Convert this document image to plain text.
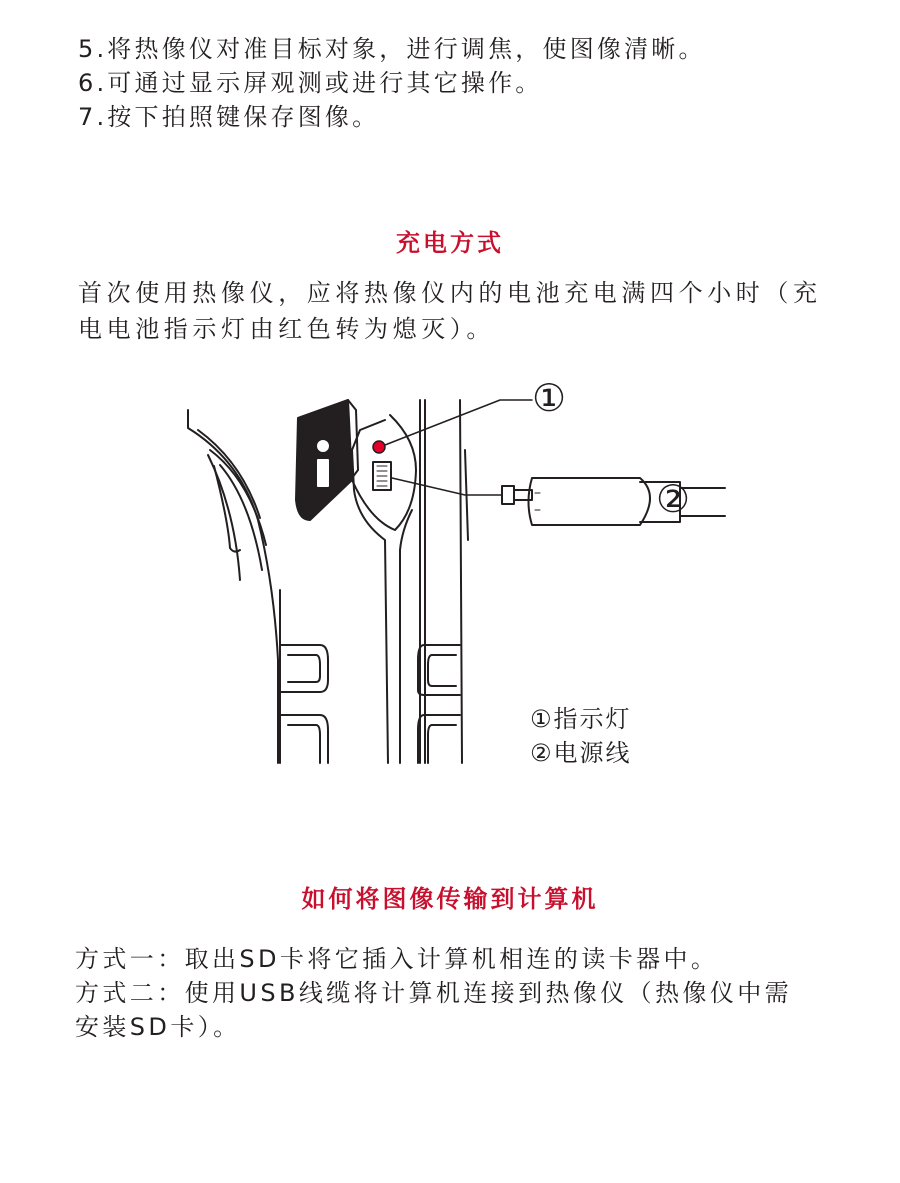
5.将热像仪对准目标对象，进行调焦，使图像清晰。
6.可通过显示屏观测或进行其它操作。
7.按下拍照键保存图像。
充电方式
首次使用热像仪，应将热像仪内的电池充电满四个小时（充
电电池指示灯由红色转为熄灭）。
①
②
①指示灯
②电源线
如何将图像传输到计算机
方式一：取出SD卡将它插入计算机相连的读卡器中。
方式二：使用USB线缆将计算机连接到热像仪（热像仪中需
安装SD卡）。
